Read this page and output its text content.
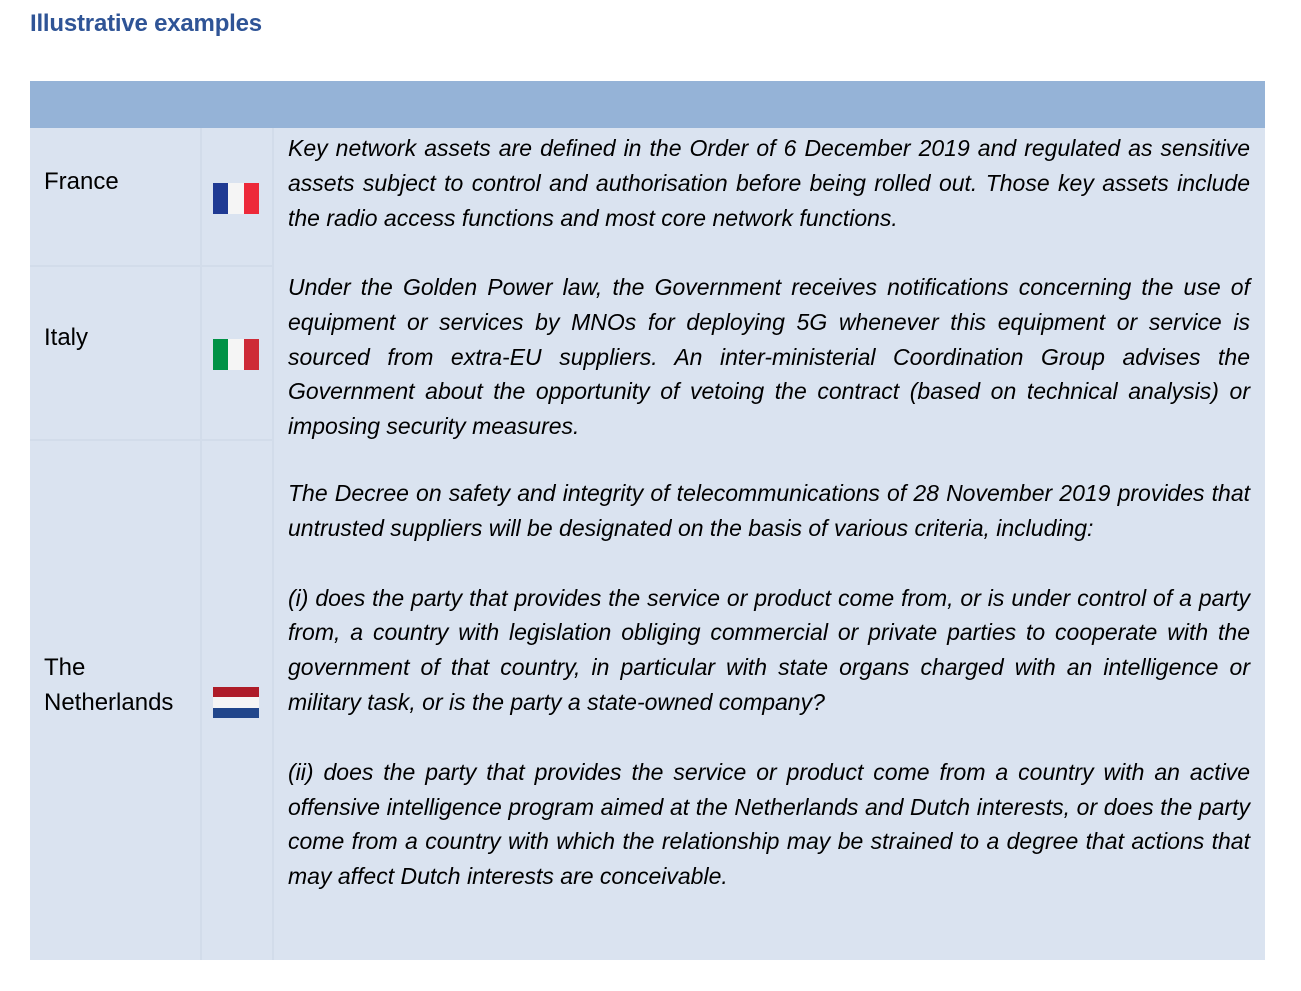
Illustrative examples
France

Key network assets are defined in the Order of 6 December 2019 and regulated as sensitive assets subject to control and authorisation before being rolled out. Those key assets include the radio access functions and most core network functions.

Italy

Under the Golden Power law, the Government receives notifications concerning the use of equipment or services by MNOs for deploying 5G whenever this equipment or service is sourced from extra-EU suppliers. An inter-ministerial Coordination Group advises the Government about the opportunity of vetoing the contract (based on technical analysis) or imposing security measures.

The
Netherlands

The Decree on safety and integrity of telecommunications of 28 November 2019 provides that untrusted suppliers will be designated on the basis of various criteria, including:

(i) does the party that provides the service or product come from, or is under control of a party from, a country with legislation obliging commercial or private parties to cooperate with the government of that country, in particular with state organs charged with an intelligence or military task, or is the party a state-owned company?

(ii) does the party that provides the service or product come from a country with an active offensive intelligence program aimed at the Netherlands and Dutch interests, or does the party come from a country with which the relationship may be strained to a degree that actions that may affect Dutch interests are conceivable.
